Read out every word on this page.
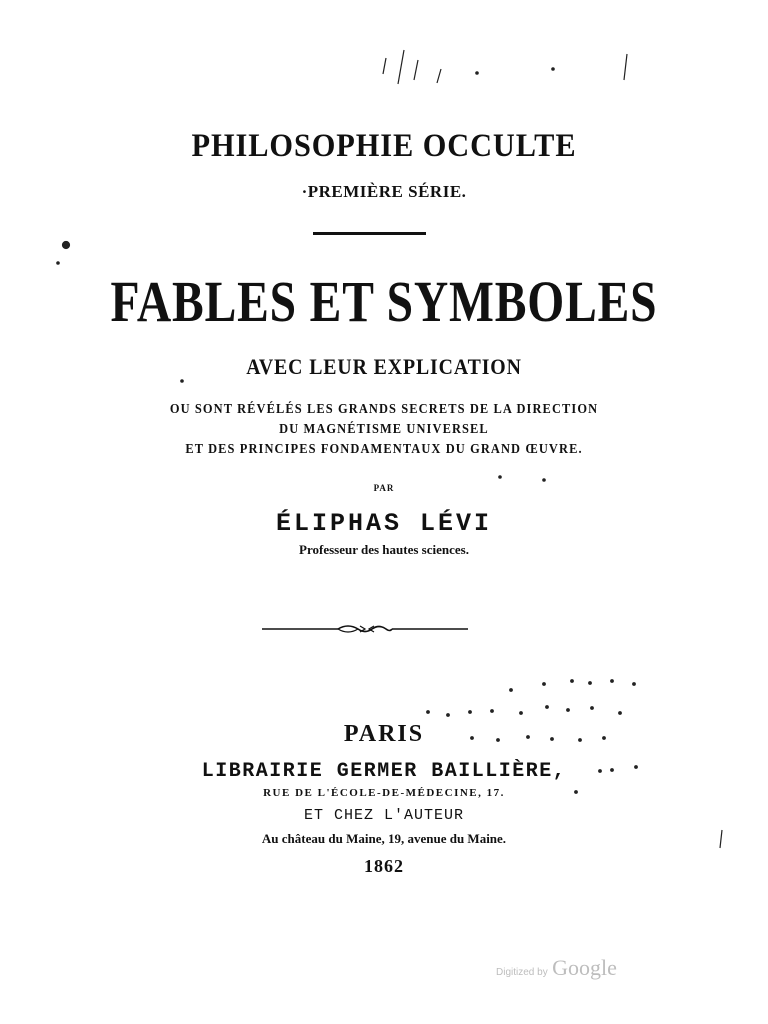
PHILOSOPHIE OCCULTE
·PREMIÈRE SÉRIE.
FABLES ET SYMBOLES
AVEC LEUR EXPLICATION
OU SONT RÉVÉLÉS LES GRANDS SECRETS DE LA DIRECTION
DU MAGNÉTISME UNIVERSEL
ET DES PRINCIPES FONDAMENTAUX DU GRAND ŒUVRE.
PAR
ÉLIPHAS LÉVI
Professeur des hautes sciences.
PARIS
LIBRAIRIE GERMER BAILLIÈRE,
RUE DE L'ÉCOLE-DE-MÉDECINE, 17.
ET CHEZ L'AUTEUR
Au château du Maine, 19, avenue du Maine.
1862
Digitized by Google
